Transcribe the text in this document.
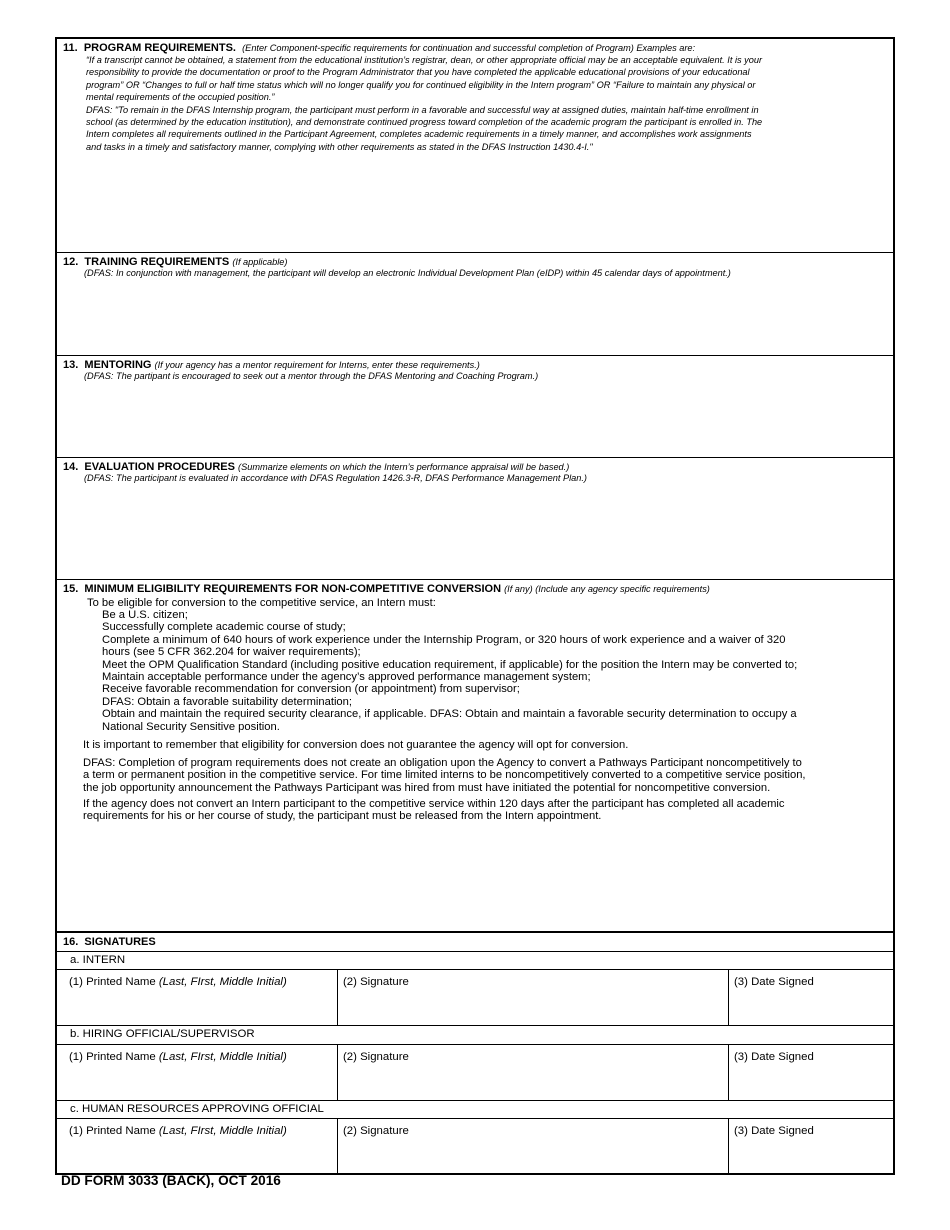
11. PROGRAM REQUIREMENTS. (Enter Component-specific requirements for continuation and successful completion of Program) Examples are:
“If a transcript cannot be obtained, a statement from the educational institution’s registrar, dean, or other appropriate official may be an acceptable equivalent. It is your
responsibility to provide the documentation or proof to the Program Administrator that you have completed the applicable educational provisions of your educational
program” OR “Changes to full or half time status which will no longer qualify you for continued eligibility in the Intern program” OR “Failure to maintain any physical or
mental requirements of the occupied position.”
DFAS: "To remain in the DFAS Internship program, the participant must perform in a favorable and successful way at assigned duties, maintain half-time enrollment in
school (as determined by the education institution), and demonstrate continued progress toward completion of the academic program the participant is enrolled in. The
Intern completes all requirements outlined in the Participant Agreement, completes academic requirements in a timely manner, and accomplishes work assignments
and tasks in a timely and satisfactory manner, complying with other requirements as stated in the DFAS Instruction 1430.4-I."
12. TRAINING REQUIREMENTS (If applicable)
(DFAS: In conjunction with management, the participant will develop an electronic Individual Development Plan (eIDP) within 45 calendar days of appointment.)
13. MENTORING (If your agency has a mentor requirement for Interns, enter these requirements.)
(DFAS: The partipant is encouraged to seek out a mentor through the DFAS Mentoring and Coaching Program.)
14. EVALUATION PROCEDURES (Summarize elements on which the Intern’s performance appraisal will be based.)
(DFAS: The participant is evaluated in accordance with DFAS Regulation 1426.3-R, DFAS Performance Management Plan.)
15. MINIMUM ELIGIBILITY REQUIREMENTS FOR NON-COMPETITIVE CONVERSION (If any) (Include any agency specific requirements)
To be eligible for conversion to the competitive service, an Intern must:
Be a U.S. citizen;
Successfully complete academic course of study;
Complete a minimum of 640 hours of work experience under the Internship Program, or 320 hours of work experience and a waiver of 320
hours (see 5 CFR 362.204 for waiver requirements);
Meet the OPM Qualification Standard (including positive education requirement, if applicable) for the position the Intern may be converted to;
Maintain acceptable performance under the agency’s approved performance management system;
Receive favorable recommendation for conversion (or appointment) from supervisor;
DFAS: Obtain a favorable suitability determination;
Obtain and maintain the required security clearance, if applicable. DFAS: Obtain and maintain a favorable security determination to occupy a
National Security Sensitive position.
It is important to remember that eligibility for conversion does not guarantee the agency will opt for conversion.
DFAS: Completion of program requirements does not create an obligation upon the Agency to convert a Pathways Participant noncompetitively to
a term or permanent position in the competitive service. For time limited interns to be noncompetitively converted to a competitive service position,
the job opportunity announcement the Pathways Participant was hired from must have initiated the potential for noncompetitive conversion.
If the agency does not convert an Intern participant to the competitive service within 120 days after the participant has completed all academic
requirements for his or her course of study, the participant must be released from the Intern appointment.
16. SIGNATURES
a. INTERN
(1) Printed Name (Last, FIrst, Middle Initial)	(2) Signature	(3) Date Signed
b. HIRING OFFICIAL/SUPERVISOR
(1) Printed Name (Last, FIrst, Middle Initial)	(2) Signature	(3) Date Signed
c. HUMAN RESOURCES APPROVING OFFICIAL
(1) Printed Name (Last, FIrst, Middle Initial)	(2) Signature	(3) Date Signed
DD FORM 3033 (BACK), OCT 2016
